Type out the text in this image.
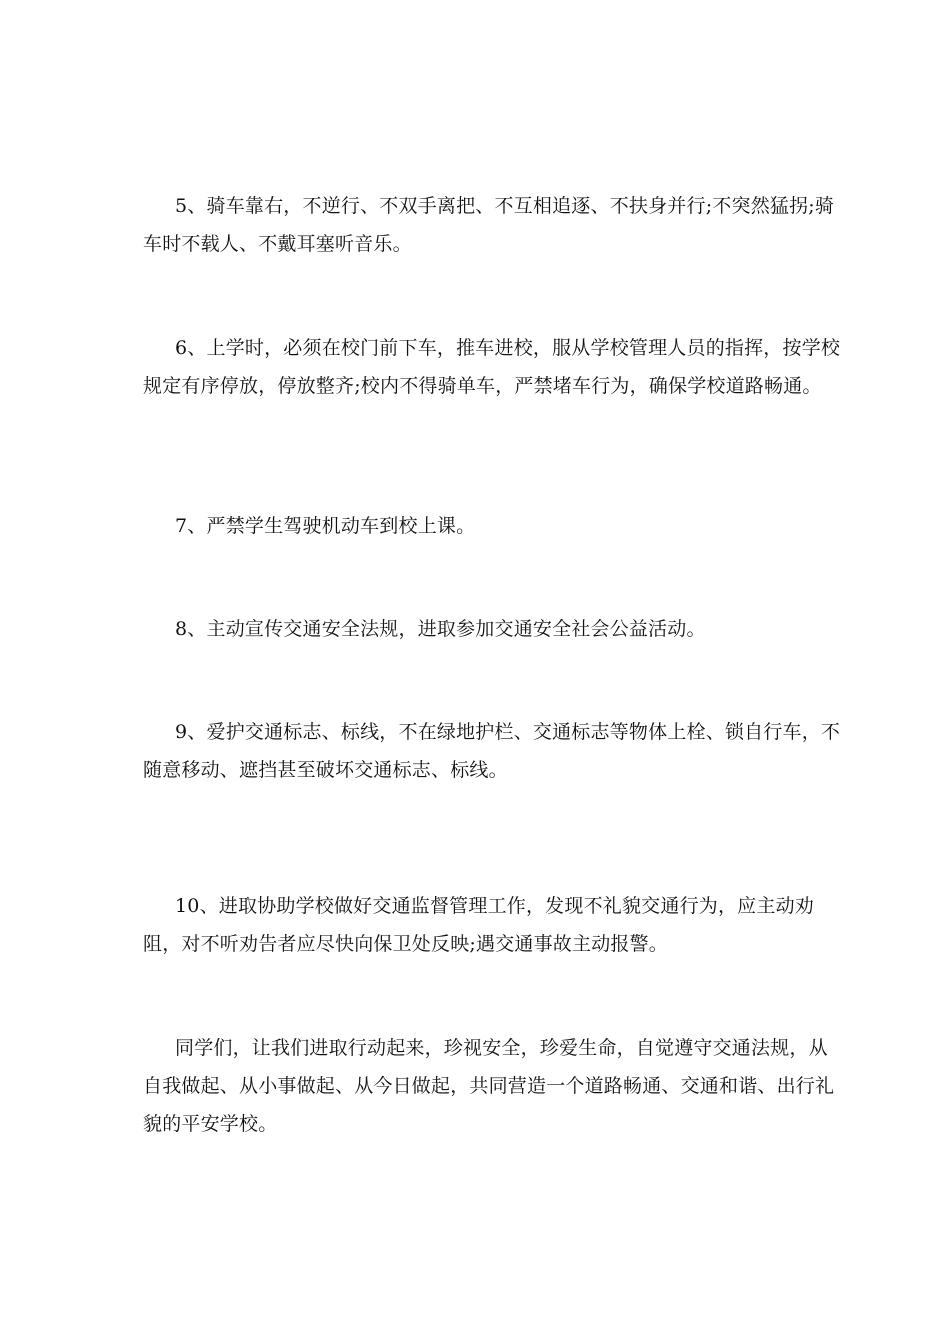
5、骑车靠右，不逆行、不双手离把、不互相追逐、不扶身并行;不突然猛拐;骑车时不载人、不戴耳塞听音乐。

6、上学时，必须在校门前下车，推车进校，服从学校管理人员的指挥，按学校规定有序停放，停放整齐;校内不得骑单车，严禁堵车行为，确保学校道路畅通。

7、严禁学生驾驶机动车到校上课。

8、主动宣传交通安全法规，进取参加交通安全社会公益活动。

9、爱护交通标志、标线，不在绿地护栏、交通标志等物体上栓、锁自行车，不随意移动、遮挡甚至破坏交通标志、标线。

10、进取协助学校做好交通监督管理工作，发现不礼貌交通行为，应主动劝阻，对不听劝告者应尽快向保卫处反映;遇交通事故主动报警。

同学们，让我们进取行动起来，珍视安全，珍爱生命，自觉遵守交通法规，从自我做起、从小事做起、从今日做起，共同营造一个道路畅通、交通和谐、出行礼貌的平安学校。
